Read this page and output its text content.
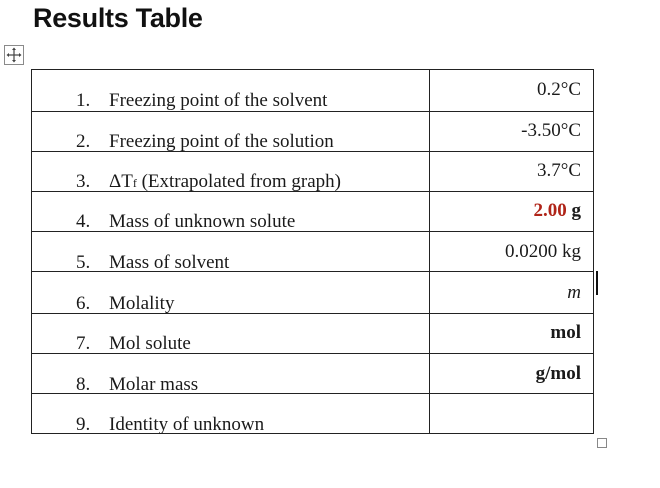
Results Table
1. Freezing point of the solvent	0.2°C

2. Freezing point of the solution	-3.50°C

3. ΔTf (Extrapolated from graph)	3.7°C

4. Mass of unknown solute	2.00 g

5. Mass of solvent	0.0200 kg

6. Molality	m

7. Mol solute	mol

8. Molar mass	g/mol

9. Identity of unknown	
